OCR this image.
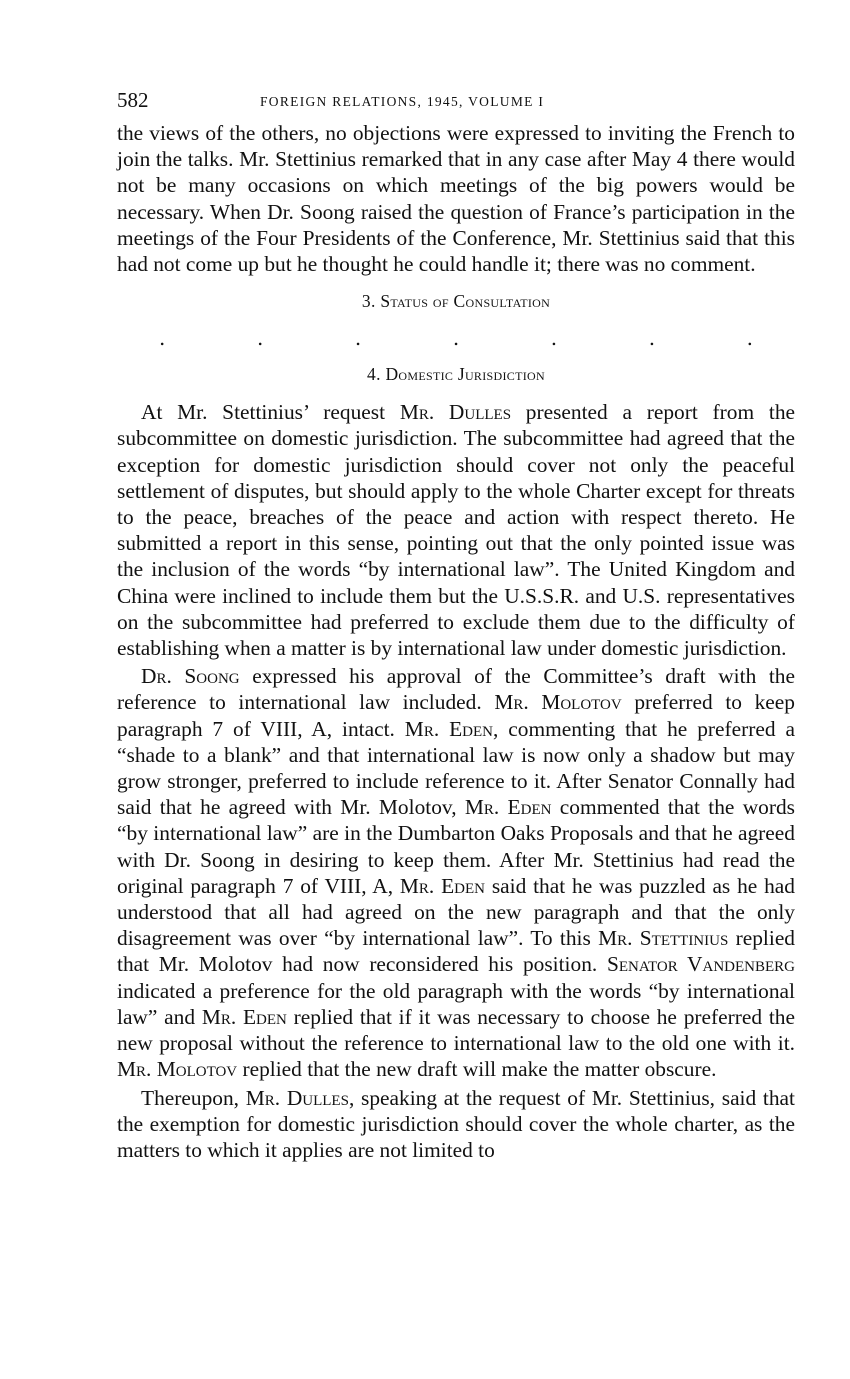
582	FOREIGN RELATIONS, 1945, VOLUME I

the views of the others, no objections were expressed to inviting the French to join the talks. Mr. Stettinius remarked that in any case after May 4 there would not be many occasions on which meetings of the big powers would be necessary. When Dr. Soong raised the question of France’s participation in the meetings of the Four Presidents of the Conference, Mr. Stettinius said that this had not come up but he thought he could handle it; there was no comment.

3. Status of Consultation
.	.	.	.	.	.	.
4. Domestic Jurisdiction

At Mr. Stettinius’ request Mr. Dulles presented a report from the subcommittee on domestic jurisdiction. The subcommittee had agreed that the exception for domestic jurisdiction should cover not only the peaceful settlement of disputes, but should apply to the whole Charter except for threats to the peace, breaches of the peace and action with respect thereto. He submitted a report in this sense, pointing out that the only pointed issue was the inclusion of the words “by international law”. The United Kingdom and China were inclined to include them but the U.S.S.R. and U.S. representatives on the subcommittee had preferred to exclude them due to the difficulty of establishing when a matter is by international law under domestic jurisdiction.

Dr. Soong expressed his approval of the Committee’s draft with the reference to international law included. Mr. Molotov preferred to keep paragraph 7 of VIII, A, intact. Mr. Eden, commenting that he preferred a “shade to a blank” and that international law is now only a shadow but may grow stronger, preferred to include reference to it. After Senator Connally had said that he agreed with Mr. Molotov, Mr. Eden commented that the words “by international law” are in the Dumbarton Oaks Proposals and that he agreed with Dr. Soong in desiring to keep them. After Mr. Stettinius had read the original paragraph 7 of VIII, A, Mr. Eden said that he was puzzled as he had understood that all had agreed on the new paragraph and that the only disagreement was over “by international law”. To this Mr. Stettinius replied that Mr. Molotov had now reconsidered his position. Senator Vandenberg indicated a preference for the old paragraph with the words “by international law” and Mr. Eden replied that if it was necessary to choose he preferred the new proposal without the reference to international law to the old one with it. Mr. Molotov replied that the new draft will make the matter obscure.

Thereupon, Mr. Dulles, speaking at the request of Mr. Stettinius, said that the exemption for domestic jurisdiction should cover the whole charter, as the matters to which it applies are not limited to
